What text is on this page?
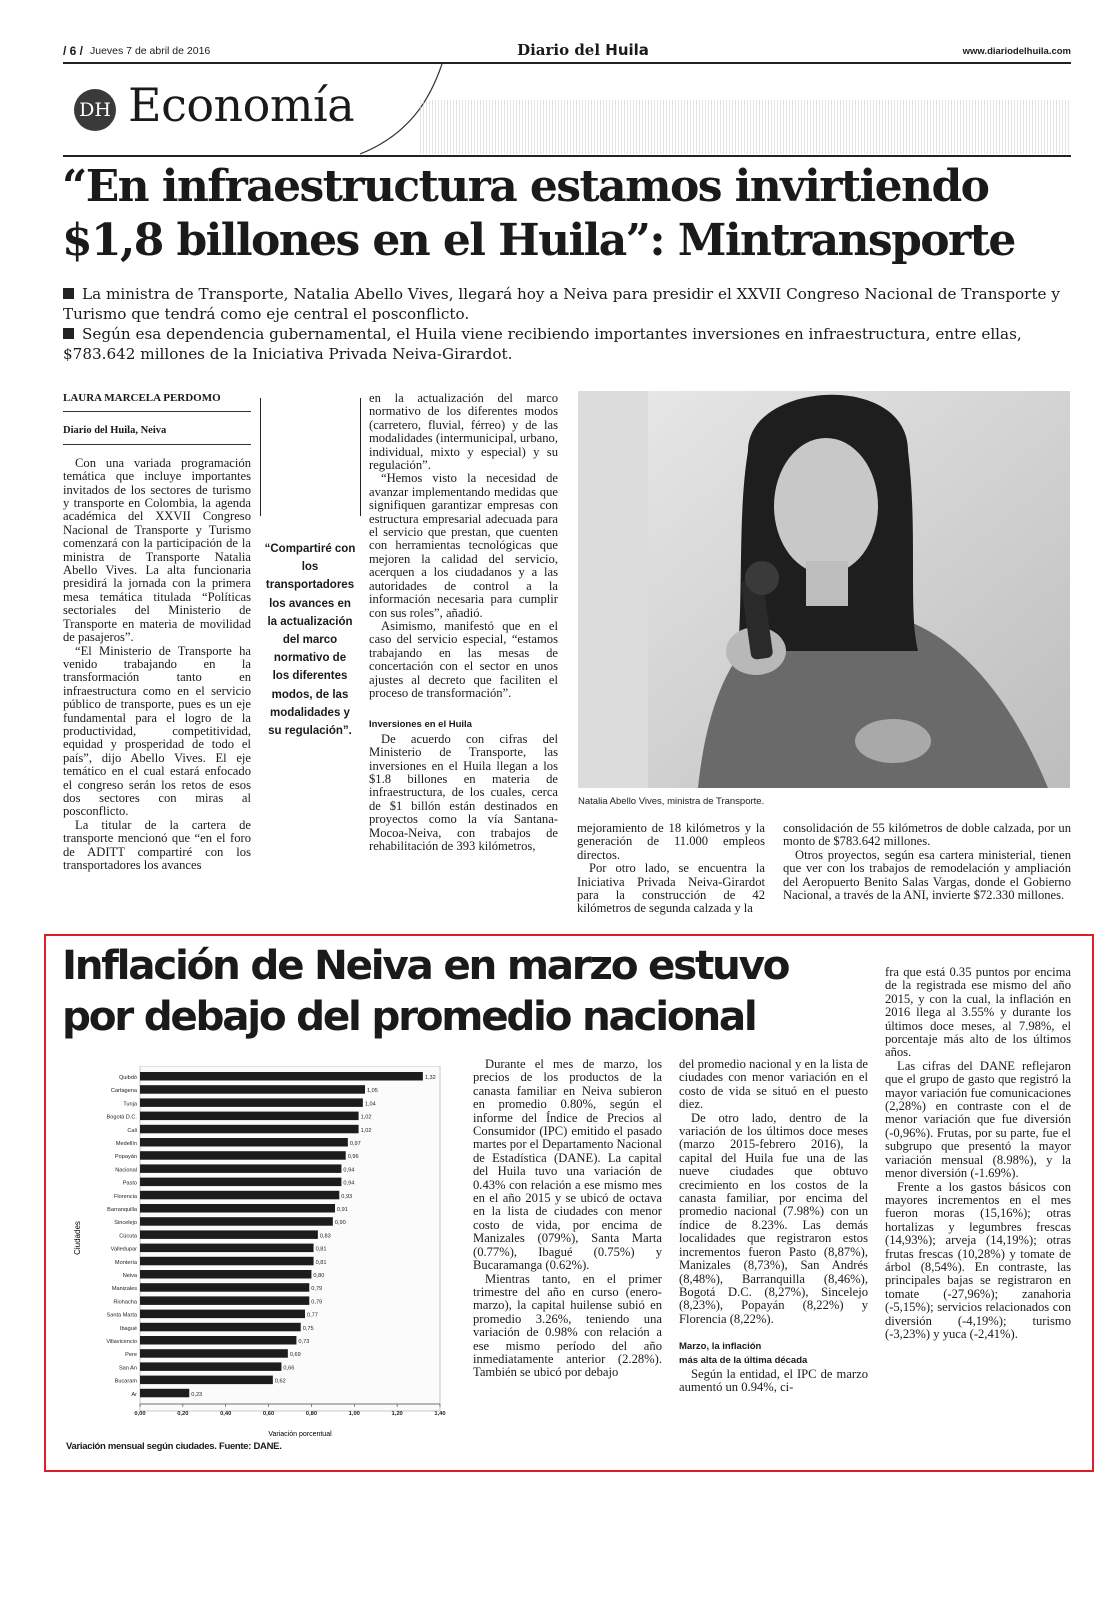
/ 6 / Jueves 7 de abril de 2016	Diario del Huila	www.diariodelhuila.com
DH Economía
“En infraestructura estamos invirtiendo $1,8 billones en el Huila”: Mintransporte
La ministra de Transporte, Natalia Abello Vives, llegará hoy a Neiva para presidir el XXVII Congreso Nacional de Transporte y Turismo que tendrá como eje central el posconflicto.
Según esa dependencia gubernamental, el Huila viene recibiendo importantes inversiones en infraestructura, entre ellas, $783.642 millones de la Iniciativa Privada Neiva-Girardot.
LAURA MARCELA PERDOMO
Diario del Huila, Neiva

Con una variada programación temática que incluye importantes invitados de los sectores de turismo y transporte en Colombia, la agenda académica del XXVII Congreso Nacional de Transporte y Turismo comenzará con la participación de la ministra de Transporte Natalia Abello Vives. La alta funcionaria presidirá la jornada con la primera mesa temática titulada “Políticas sectoriales del Ministerio de Transporte en materia de movilidad de pasajeros”.

“El Ministerio de Transporte ha venido trabajando en la transformación tanto en infraestructura como en el servicio público de transporte, pues es un eje fundamental para el logro de la productividad, competitividad, equidad y prosperidad de todo el país”, dijo Abello Vives. El eje temático en el cual estará enfocado el congreso serán los retos de esos dos sectores con miras al posconflicto.

La titular de la cartera de transporte mencionó que “en el foro de ADITT compartiré con los transportadores los avances

“Compartiré con los transportadores los avances en la actualización del marco normativo de los diferentes modos, de las modalidades y su regulación”.

en la actualización del marco normativo de los diferentes modos (carretero, fluvial, férreo) y de las modalidades (intermunicipal, urbano, individual, mixto y especial) y su regulación”.

“Hemos visto la necesidad de avanzar implementando medidas que signifiquen garantizar empresas con estructura empresarial adecuada para el servicio que prestan, que cuenten con herramientas tecnológicas que mejoren la calidad del servicio, acerquen a los ciudadanos y a las autoridades de control a la información necesaria para cumplir con sus roles”, añadió.

Asimismo, manifestó que en el caso del servicio especial, “estamos trabajando en las mesas de concertación con el sector en unos ajustes al decreto que faciliten el proceso de transformación”.

Inversiones en el Huila

De acuerdo con cifras del Ministerio de Transporte, las inversiones en el Huila llegan a los $1.8 billones en materia de infraestructura, de los cuales, cerca de $1 billón están destinados en proyectos como la vía Santana-Mocoa-Neiva, con trabajos de rehabilitación de 393 kilómetros,

Natalia Abello Vives, ministra de Transporte.

mejoramiento de 18 kilómetros y la generación de 11.000 empleos directos.

Por otro lado, se encuentra la Iniciativa Privada Neiva-Girardot para la construcción de 42 kilómetros de segunda calzada y la

consolidación de 55 kilómetros de doble calzada, por un monto de $783.642 millones.

Otros proyectos, según esa cartera ministerial, tienen que ver con los trabajos de remodelación y ampliación del Aeropuerto Benito Salas Vargas, donde el Gobierno Nacional, a través de la ANI, invierte $72.330 millones.

Inflación de Neiva en marzo estuvo por debajo del promedio nacional
Quibdó	1,32
Cartagena	1,05
Tunja	1,04
Bogotá D.C.	1,02
Cali	1,02
Medellín	0,97
Popayán	0,96
Nacional	0,94
Pasto	0,94
Florencia	0,93
Barranquilla	0,91
Sincelejo	0,90
Cúcuta	0,83
Valledupar	0,81
Montería	0,81
Neiva	0,80
Manizales	0,79
Riohacha	0,79
Santa Marta	0,77
Ibagué	0,75
Villavicencio	0,73
Pere	0,69
San An	0,66
Bucaram	0,62
Ar	0,23
0,00	0,20	0,40	0,60	0,80	1,00	1,20	1,40
Ciudades
Variación porcentual
Variación mensual según ciudades. Fuente: DANE.

Durante el mes de marzo, los precios de los productos de la canasta familiar en Neiva subieron en promedio 0.80%, según el informe del Índice de Precios al Consumidor (IPC) emitido el pasado martes por el Departamento Nacional de Estadística (DANE). La capital del Huila tuvo una variación de 0.43% con relación a ese mismo mes en el año 2015 y se ubicó de octava en la lista de ciudades con menor costo de vida, por encima de Manizales (079%), Santa Marta (0.77%), Ibagué (0.75%) y Bucaramanga (0.62%).

Mientras tanto, en el primer trimestre del año en curso (enero-marzo), la capital huilense subió en promedio 3.26%, teniendo una variación de 0.98% con relación a ese mismo período del año inmediatamente anterior (2.28%). También se ubicó por debajo

del promedio nacional y en la lista de ciudades con menor variación en el costo de vida se situó en el puesto diez.

De otro lado, dentro de la variación de los últimos doce meses (marzo 2015-febrero 2016), la capital del Huila fue una de las nueve ciudades que obtuvo crecimiento en los costos de la canasta familiar, por encima del promedio nacional (7.98%) con un índice de 8.23%. Las demás localidades que registraron estos incrementos fueron Pasto (8,87%), Manizales (8,73%), San Andrés (8,48%), Barranquilla (8,46%), Bogotá D.C. (8,27%), Sincelejo (8,23%), Popayán (8,22%) y Florencia (8,22%).

Marzo, la inflación
más alta de la última década

Según la entidad, el IPC de marzo aumentó un 0.94%, ci-

fra que está 0.35 puntos por encima de la registrada ese mismo del año 2015, y con la cual, la inflación en 2016 llega al 3.55% y durante los últimos doce meses, al 7.98%, el porcentaje más alto de los últimos años.

Las cifras del DANE reflejaron que el grupo de gasto que registró la mayor variación fue comunicaciones (2,28%) en contraste con el de menor variación que fue diversión (-0,96%). Frutas, por su parte, fue el subgrupo que presentó la mayor variación mensual (8.98%), y la menor diversión (-1.69%).

Frente a los gastos básicos con mayores incrementos en el mes fueron moras (15,16%); otras hortalizas y legumbres frescas (14,93%); arveja (14,19%); otras frutas frescas (10,28%) y tomate de árbol (8,54%). En contraste, las principales bajas se registraron en tomate (-27,96%); zanahoria (-5,15%); servicios relacionados con diversión (-4,19%); turismo (-3,23%) y yuca (-2,41%).
